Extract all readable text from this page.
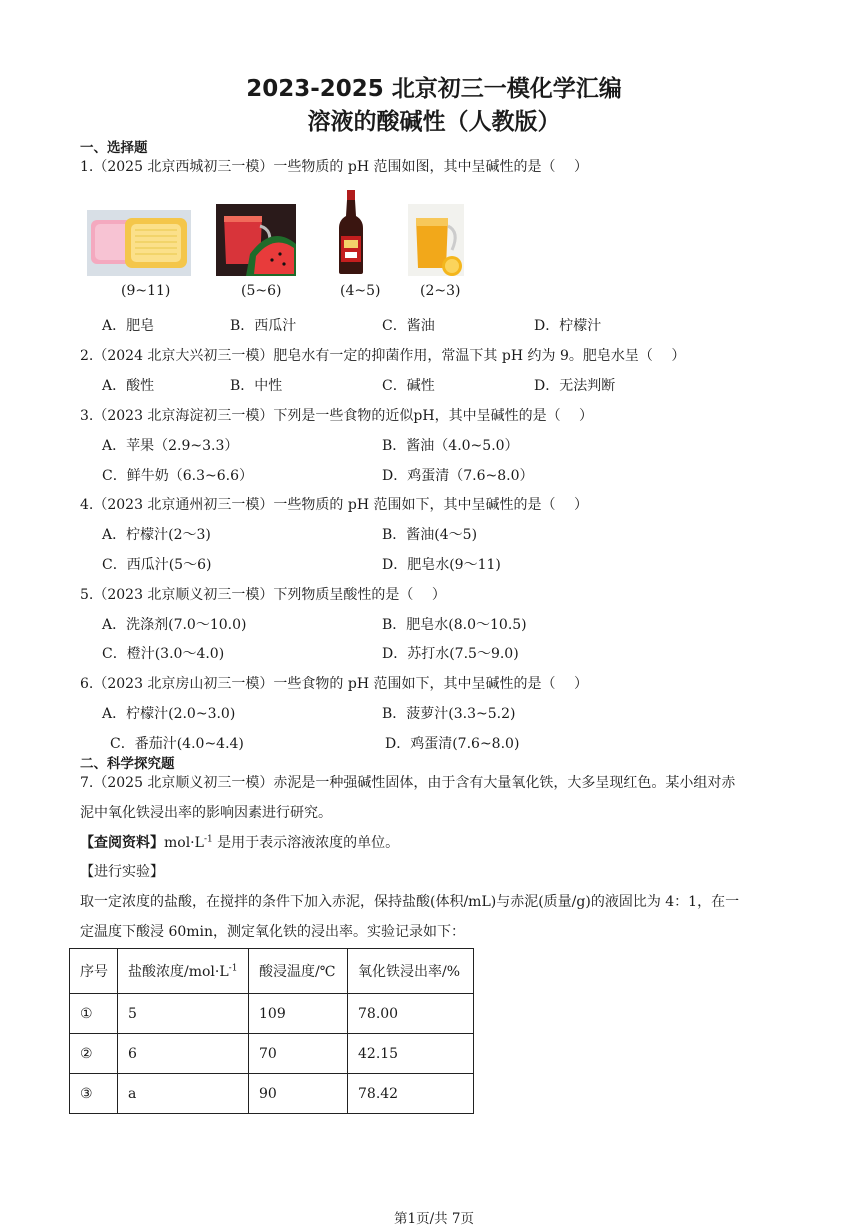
2023-2025 北京初三一模化学汇编
溶液的酸碱性（人教版）
一、选择题
1.（2025 北京西城初三一模）一些物质的 pH 范围如图，其中呈碱性的是（　 ）
(9~11)	(5~6)	(4~5)	(2~3)
A．肥皂	B．西瓜汁	C．酱油	D．柠檬汁
2.（2024 北京大兴初三一模）肥皂水有一定的抑菌作用，常温下其 pH 约为 9。肥皂水呈（　 ）
A．酸性	B．中性	C．碱性	D．无法判断
3.（2023 北京海淀初三一模）下列是一些食物的近似pH，其中呈碱性的是（　 ）
A．苹果（2.9~3.3）	B．酱油（4.0~5.0）
C．鲜牛奶（6.3~6.6）	D．鸡蛋清（7.6~8.0）
4.（2023 北京通州初三一模）一些物质的 pH 范围如下，其中呈碱性的是（　 ）
A．柠檬汁(2～3)	B．酱油(4～5)
C．西瓜汁(5～6)	D．肥皂水(9～11)
5.（2023 北京顺义初三一模）下列物质呈酸性的是（　 ）
A．洗涤剂(7.0～10.0)	B．肥皂水(8.0～10.5)
C．橙汁(3.0～4.0)	D．苏打水(7.5～9.0)
6.（2023 北京房山初三一模）一些食物的 pH 范围如下，其中呈碱性的是（　 ）
A．柠檬汁(2.0~3.0)	B．菠萝汁(3.3~5.2)
C．番茄汁(4.0~4.4)	D．鸡蛋清(7.6~8.0)
二、科学探究题
7.（2025 北京顺义初三一模）赤泥是一种强碱性固体，由于含有大量氧化铁，大多呈现红色。某小组对赤
泥中氧化铁浸出率的影响因素进行研究。
【查阅资料】$mol\cdot L^{-1}$ 是用于表示溶液浓度的单位。
【进行实验】
取一定浓度的盐酸，在搅拌的条件下加入赤泥，保持盐酸(体积/mL)与赤泥(质量/g)的液固比为 4：1，在一
定温度下酸浸 60min，测定氧化铁的浸出率。实验记录如下：
序号	盐酸浓度$/mol\cdot L^{-1}$	酸浸温度/℃	氧化铁浸出率/%
①	5	109	78.00
②	6	70	42.15
③	a	90	78.42
第1页/共 7页
